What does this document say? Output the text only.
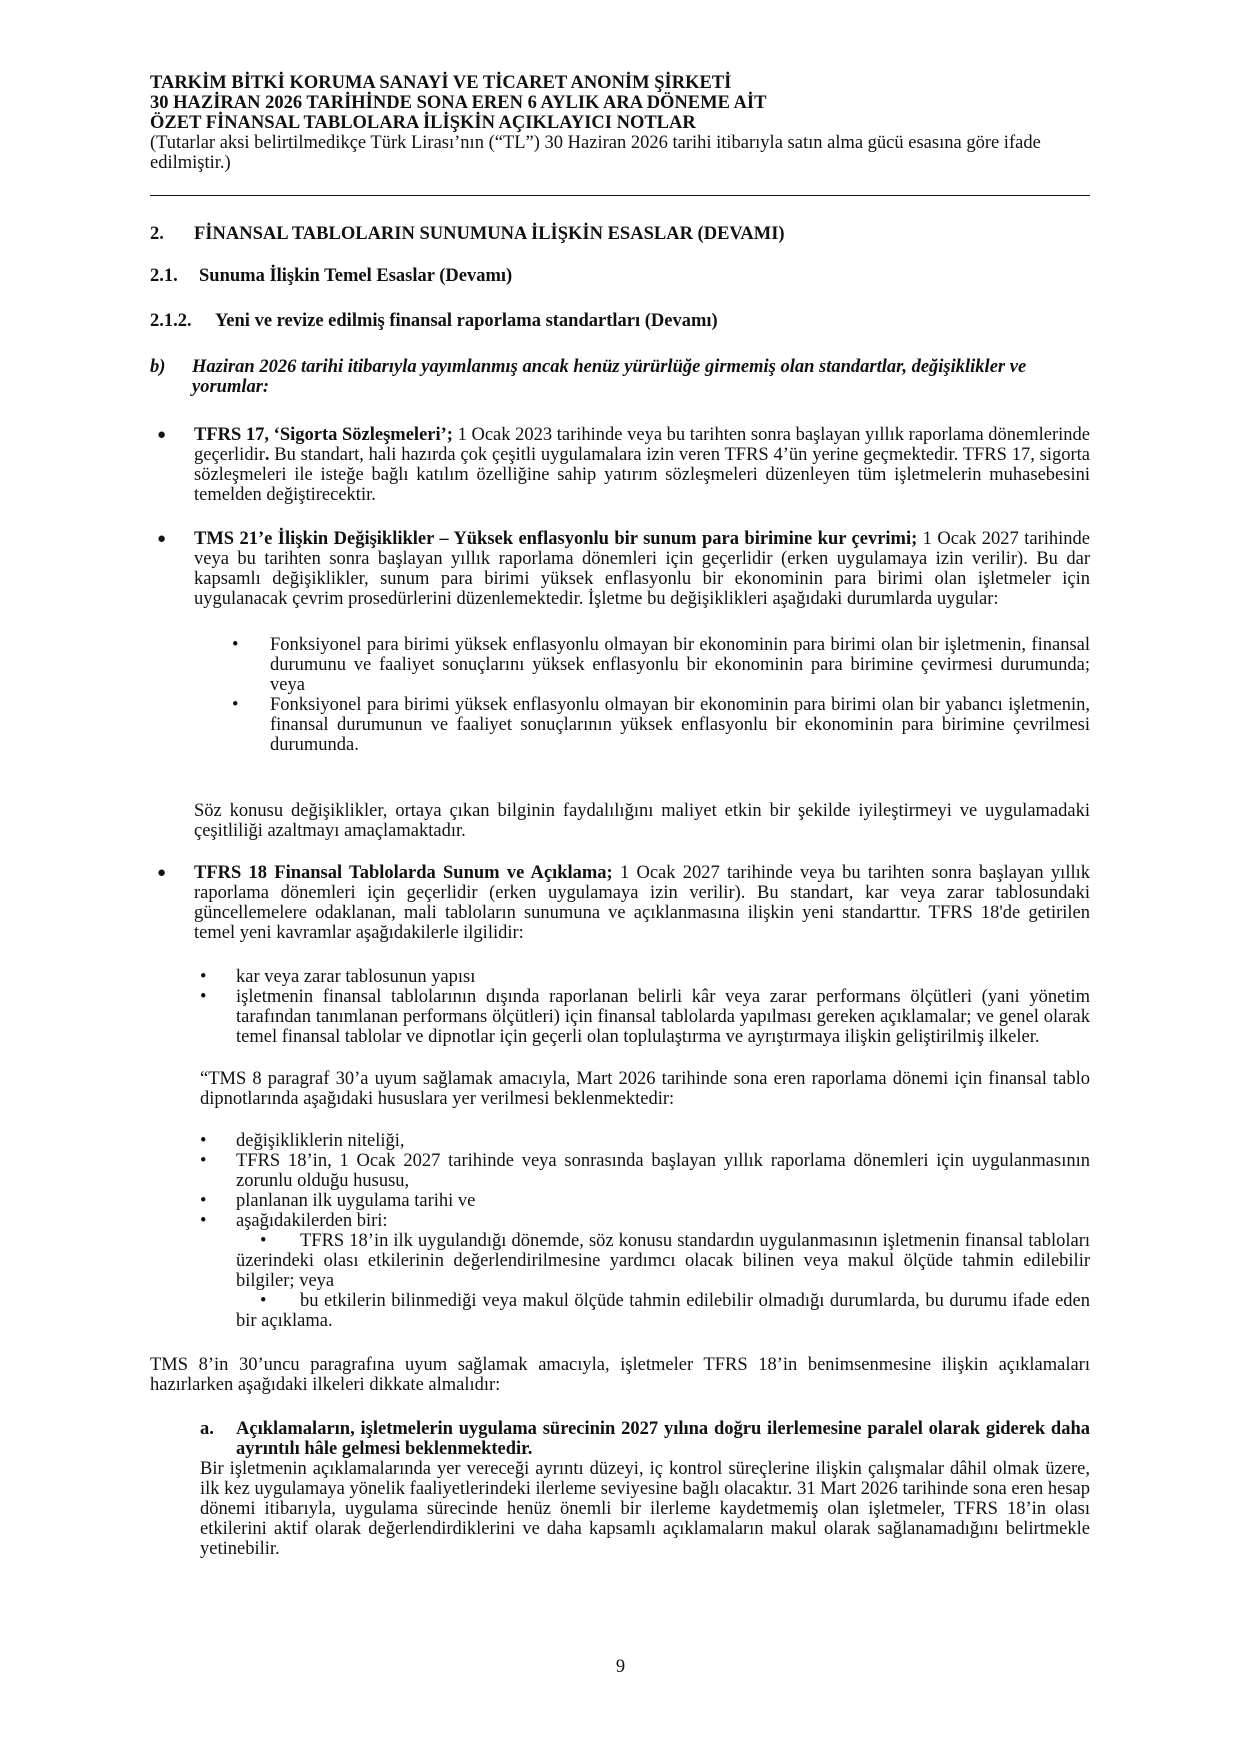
TARKİM BİTKİ KORUMA SANAYİ VE TİCARET ANONİM ŞİRKETİ
30 HAZİRAN 2026 TARİHİNDE SONA EREN 6 AYLIK ARA DÖNEME AİT
ÖZET FİNANSAL TABLOLARA İLİŞKİN AÇIKLAYICI NOTLAR
(Tutarlar aksi belirtilmedikçe Türk Lirası’nın (“TL”) 30 Haziran 2026 tarihi itibarıyla satın alma gücü esasına göre ifade edilmiştir.)
2. FİNANSAL TABLOLARIN SUNUMUNA İLİŞKİN ESASLAR (DEVAMI)
2.1. Sunuma İlişkin Temel Esaslar (Devamı)
2.1.2. Yeni ve revize edilmiş finansal raporlama standartları (Devamı)
b) Haziran 2026 tarihi itibarıyla yayımlanmış ancak henüz yürürlüğe girmemiş olan standartlar, değişiklikler ve yorumlar:
● TFRS 17, ‘Sigorta Sözleşmeleri’; 1 Ocak 2023 tarihinde veya bu tarihten sonra başlayan yıllık raporlama dönemlerinde geçerlidir. Bu standart, hali hazırda çok çeşitli uygulamalara izin veren TFRS 4’ün yerine geçmektedir. TFRS 17, sigorta sözleşmeleri ile isteğe bağlı katılım özelliğine sahip yatırım sözleşmeleri düzenleyen tüm işletmelerin muhasebesini temelden değiştirecektir.
● TMS 21’e İlişkin Değişiklikler – Yüksek enflasyonlu bir sunum para birimine kur çevrimi; 1 Ocak 2027 tarihinde veya bu tarihten sonra başlayan yıllık raporlama dönemleri için geçerlidir (erken uygulamaya izin verilir). Bu dar kapsamlı değişiklikler, sunum para birimi yüksek enflasyonlu bir ekonominin para birimi olan işletmeler için uygulanacak çevrim prosedürlerini düzenlemektedir. İşletme bu değişiklikleri aşağıdaki durumlarda uygular:
• Fonksiyonel para birimi yüksek enflasyonlu olmayan bir ekonominin para birimi olan bir işletmenin, finansal durumunu ve faaliyet sonuçlarını yüksek enflasyonlu bir ekonominin para birimine çevirmesi durumunda; veya
• Fonksiyonel para birimi yüksek enflasyonlu olmayan bir ekonominin para birimi olan bir yabancı işletmenin, finansal durumunun ve faaliyet sonuçlarının yüksek enflasyonlu bir ekonominin para birimine çevrilmesi durumunda.
Söz konusu değişiklikler, ortaya çıkan bilginin faydalılığını maliyet etkin bir şekilde iyileştirmeyi ve uygulamadaki çeşitliliği azaltmayı amaçlamaktadır.
● TFRS 18 Finansal Tablolarda Sunum ve Açıklama; 1 Ocak 2027 tarihinde veya bu tarihten sonra başlayan yıllık raporlama dönemleri için geçerlidir (erken uygulamaya izin verilir). Bu standart, kar veya zarar tablosundaki güncellemelere odaklanan, mali tabloların sunumuna ve açıklanmasına ilişkin yeni standarttır. TFRS 18'de getirilen temel yeni kavramlar aşağıdakilerle ilgilidir:
• kar veya zarar tablosunun yapısı
• işletmenin finansal tablolarının dışında raporlanan belirli kâr veya zarar performans ölçütleri (yani yönetim tarafından tanımlanan performans ölçütleri) için finansal tablolarda yapılması gereken açıklamalar; ve genel olarak temel finansal tablolar ve dipnotlar için geçerli olan toplulaştırma ve ayrıştırmaya ilişkin geliştirilmiş ilkeler.
“TMS 8 paragraf 30’a uyum sağlamak amacıyla, Mart 2026 tarihinde sona eren raporlama dönemi için finansal tablo dipnotlarında aşağıdaki hususlara yer verilmesi beklenmektedir:
• değişikliklerin niteliği,
• TFRS 18’in, 1 Ocak 2027 tarihinde veya sonrasında başlayan yıllık raporlama dönemleri için uygulanmasının zorunlu olduğu hususu,
• planlanan ilk uygulama tarihi ve
• aşağıdakilerden biri:
•	TFRS 18’in ilk uygulandığı dönemde, söz konusu standardın uygulanmasının işletmenin finansal tabloları üzerindeki olası etkilerinin değerlendirilmesine yardımcı olacak bilinen veya makul ölçüde tahmin edilebilir bilgiler; veya
•	bu etkilerin bilinmediği veya makul ölçüde tahmin edilebilir olmadığı durumlarda, bu durumu ifade eden bir açıklama.
TMS 8’in 30’uncu paragrafına uyum sağlamak amacıyla, işletmeler TFRS 18’in benimsenmesine ilişkin açıklamaları hazırlarken aşağıdaki ilkeleri dikkate almalıdır:
a. Açıklamaların, işletmelerin uygulama sürecinin 2027 yılına doğru ilerlemesine paralel olarak giderek daha ayrıntılı hâle gelmesi beklenmektedir.
Bir işletmenin açıklamalarında yer vereceği ayrıntı düzeyi, iç kontrol süreçlerine ilişkin çalışmalar dâhil olmak üzere, ilk kez uygulamaya yönelik faaliyetlerindeki ilerleme seviyesine bağlı olacaktır. 31 Mart 2026 tarihinde sona eren hesap dönemi itibarıyla, uygulama sürecinde henüz önemli bir ilerleme kaydetmemiş olan işletmeler, TFRS 18’in olası etkilerini aktif olarak değerlendirdiklerini ve daha kapsamlı açıklamaların makul olarak sağlanamadığını belirtmekle yetinebilir.
9
